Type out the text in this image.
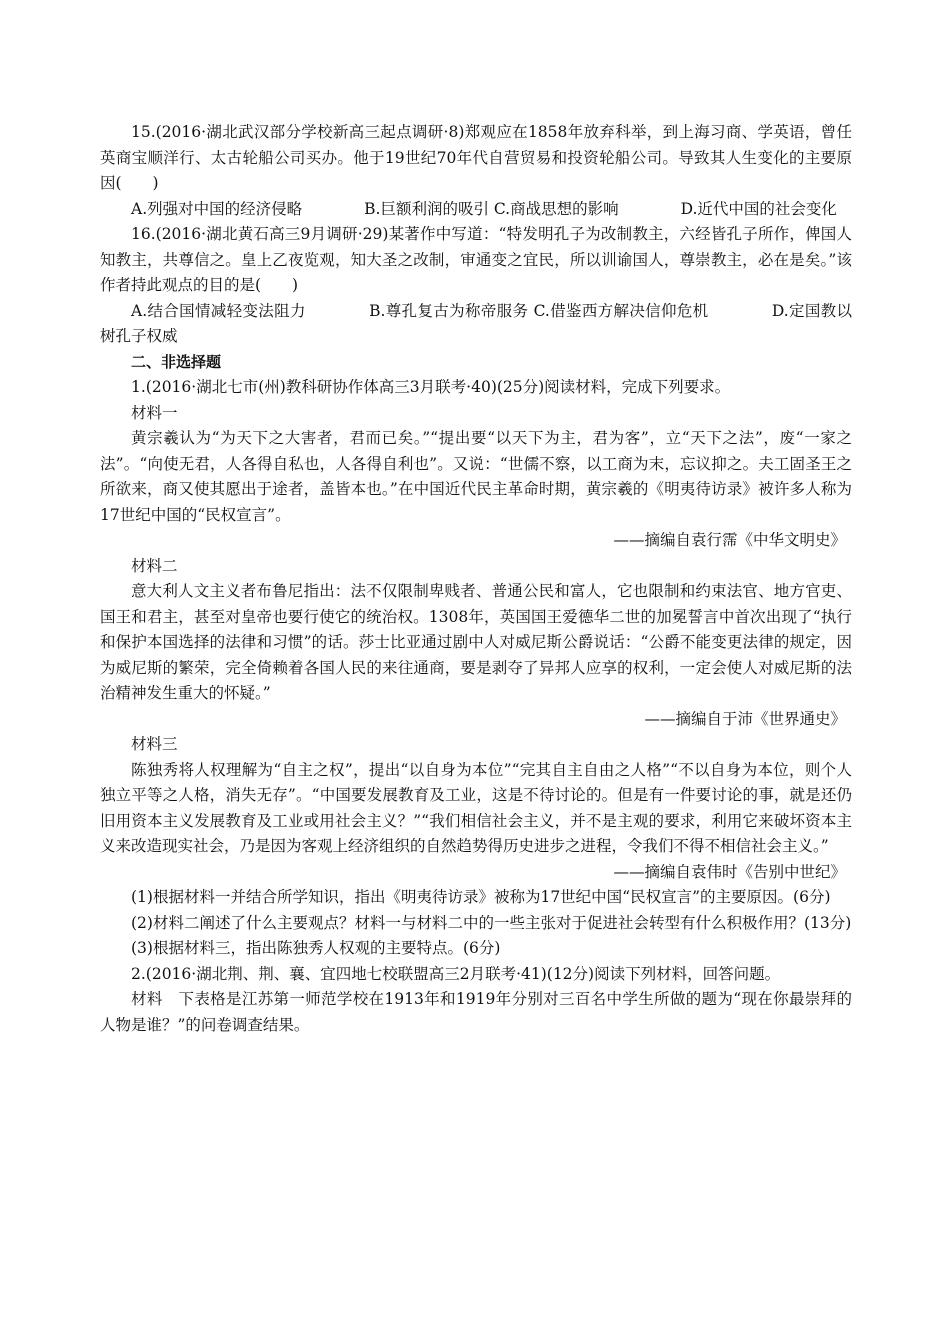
15.(2016·湖北武汉部分学校新高三起点调研·8)郑观应在1858年放弃科举，到上海习商、学英语，曾任英商宝顺洋行、太古轮船公司买办。他于19世纪70年代自营贸易和投资轮船公司。导致其人生变化的主要原因(　　)

A.列强对中国的经济侵略　　　　B.巨额利润的吸引 C.商战思想的影响　　　　D.近代中国的社会变化

16.(2016·湖北黄石高三9月调研·29)某著作中写道：“特发明孔子为改制教主，六经皆孔子所作，俾国人知教主，共尊信之。皇上乙夜览观，知大圣之改制，审通变之宜民，所以训谕国人，尊崇教主，必在是矣。”该作者持此观点的目的是(　　)

A.结合国情减轻变法阻力　　　　B.尊孔复古为称帝服务 C.借鉴西方解决信仰危机　　　　D.定国教以树孔子权威

二、非选择题

1.(2016·湖北七市(州)教科研协作体高三3月联考·40)(25分)阅读材料，完成下列要求。

材料一

黄宗羲认为“为天下之大害者，君而已矣。”“提出要“以天下为主，君为客”，立“天下之法”，废“一家之法”。“向使无君，人各得自私也，人各得自利也”。又说：“世儒不察，以工商为末，忘议抑之。夫工固圣王之所欲来，商又使其愿出于途者，盖皆本也。”在中国近代民主革命时期，黄宗羲的《明夷待访录》被许多人称为17世纪中国的“民权宣言”。

——摘编自袁行霈《中华文明史》

材料二

意大利人文主义者布鲁尼指出：法不仅限制卑贱者、普通公民和富人，它也限制和约束法官、地方官吏、国王和君主，甚至对皇帝也要行使它的统治权。1308年，英国国王爱德华二世的加冕誓言中首次出现了“执行和保护本国选择的法律和习惯”的话。莎士比亚通过剧中人对威尼斯公爵说话：“公爵不能变更法律的规定，因为威尼斯的繁荣，完全倚赖着各国人民的来往通商，要是剥夺了异邦人应享的权利，一定会使人对威尼斯的法治精神发生重大的怀疑。”

——摘编自于沛《世界通史》

材料三

陈独秀将人权理解为“自主之权”，提出“以自身为本位”“完其自主自由之人格”“不以自身为本位，则个人独立平等之人格，消失无存”。“中国要发展教育及工业，这是不待讨论的。但是有一件要讨论的事，就是还仍旧用资本主义发展教育及工业或用社会主义？”“我们相信社会主义，并不是主观的要求，利用它来破坏资本主义来改造现实社会，乃是因为客观上经济组织的自然趋势得历史进步之进程，令我们不得不相信社会主义。”

——摘编自袁伟时《告别中世纪》

(1)根据材料一并结合所学知识，指出《明夷待访录》被称为17世纪中国“民权宣言”的主要原因。(6分)

(2)材料二阐述了什么主要观点？材料一与材料二中的一些主张对于促进社会转型有什么积极作用？(13分)

(3)根据材料三，指出陈独秀人权观的主要特点。(6分)

2.(2016·湖北荆、荆、襄、宜四地七校联盟高三2月联考·41)(12分)阅读下列材料，回答问题。

材料　下表格是江苏第一师范学校在1913年和1919年分别对三百名中学生所做的题为“现在你最崇拜的人物是谁？”的问卷调查结果。
